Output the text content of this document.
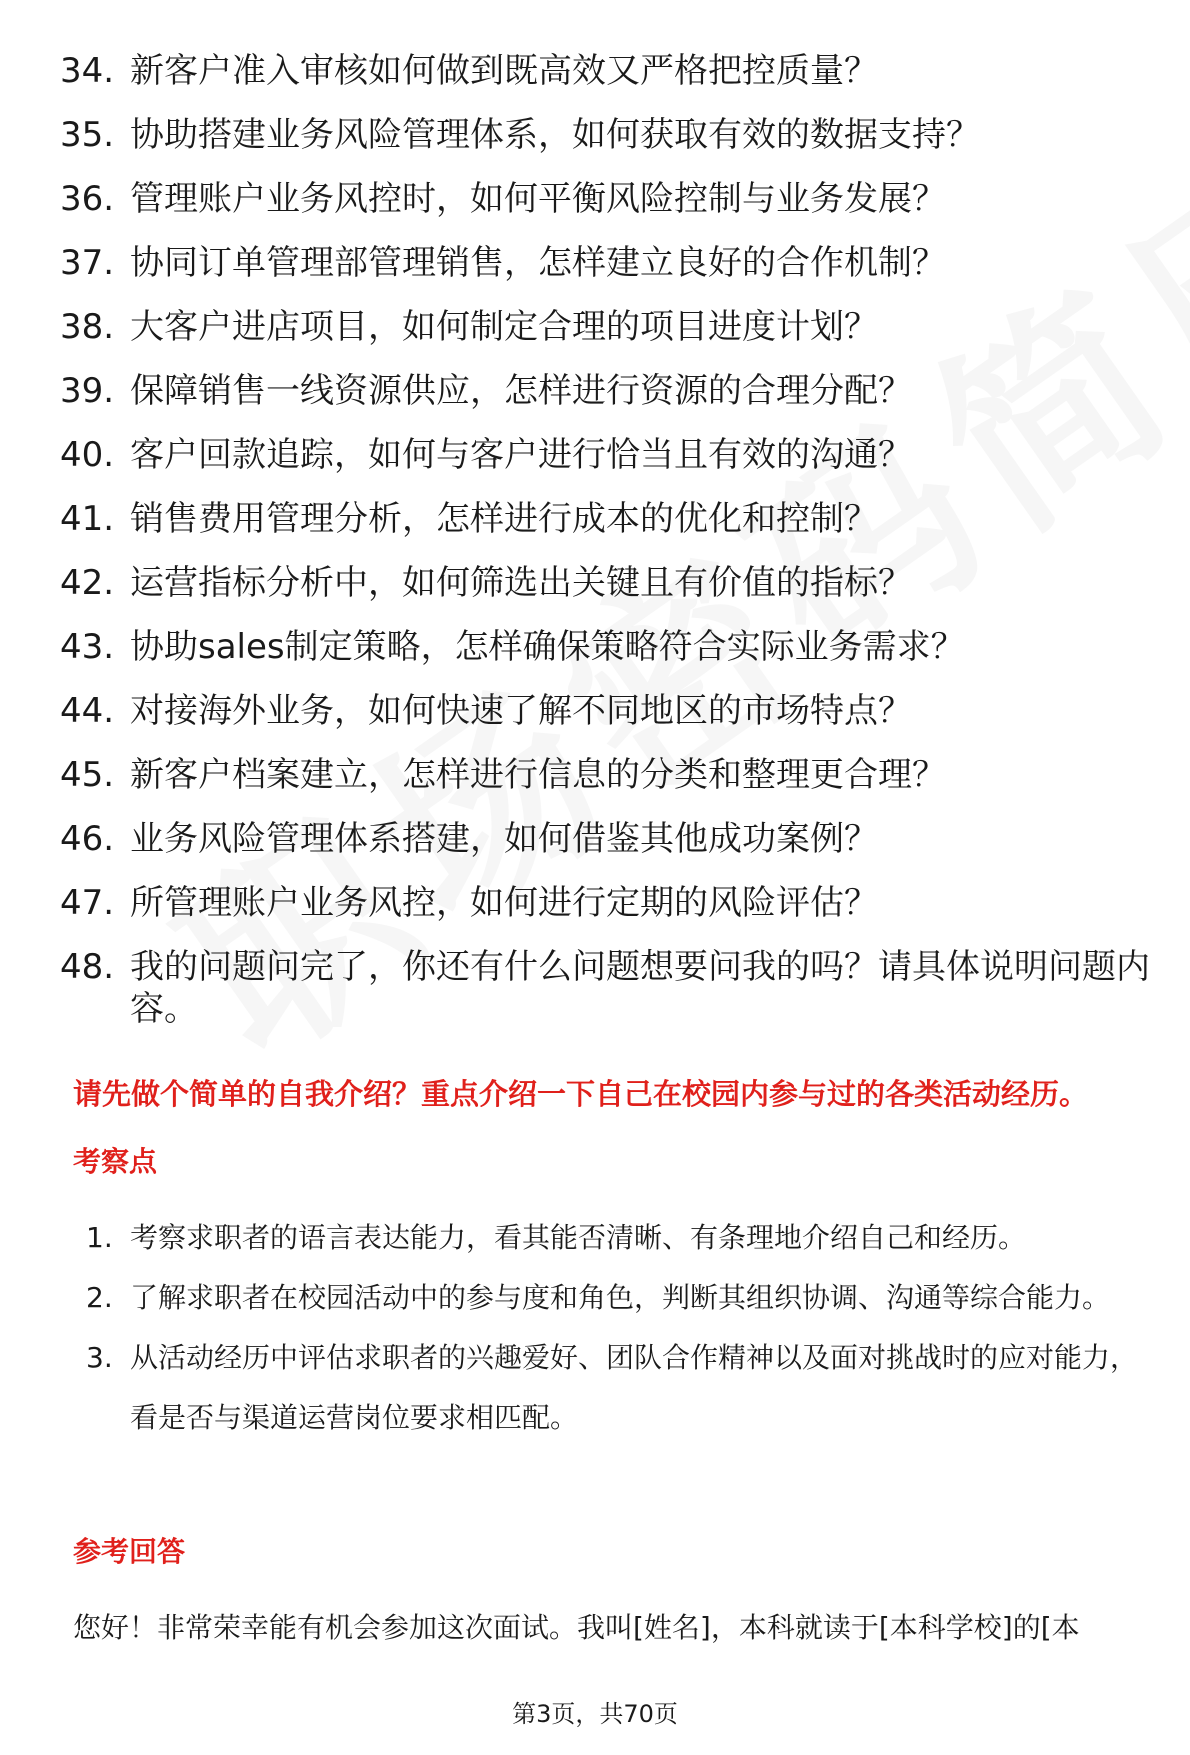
34. 新客户准入审核如何做到既高效又严格把控质量？
35. 协助搭建业务风险管理体系，如何获取有效的数据支持？
36. 管理账户业务风控时，如何平衡风险控制与业务发展？
37. 协同订单管理部管理销售，怎样建立良好的合作机制？
38. 大客户进店项目，如何制定合理的项目进度计划？
39. 保障销售一线资源供应，怎样进行资源的合理分配？
40. 客户回款追踪，如何与客户进行恰当且有效的沟通？
41. 销售费用管理分析，怎样进行成本的优化和控制？
42. 运营指标分析中，如何筛选出关键且有价值的指标？
43. 协助sales制定策略，怎样确保策略符合实际业务需求？
44. 对接海外业务，如何快速了解不同地区的市场特点？
45. 新客户档案建立，怎样进行信息的分类和整理更合理？
46. 业务风险管理体系搭建，如何借鉴其他成功案例？
47. 所管理账户业务风控，如何进行定期的风险评估？
48. 我的问题问完了，你还有什么问题想要问我的吗？请具体说明问题内容。
请先做个简单的自我介绍？重点介绍一下自己在校园内参与过的各类活动经历。
考察点
1. 考察求职者的语言表达能力，看其能否清晰、有条理地介绍自己和经历。
2. 了解求职者在校园活动中的参与度和角色，判断其组织协调、沟通等综合能力。
3. 从活动经历中评估求职者的兴趣爱好、团队合作精神以及面对挑战时的应对能力，看是否与渠道运营岗位要求相匹配。
参考回答
您好！非常荣幸能有机会参加这次面试。我叫[姓名]，本科就读于[本科学校]的[本
第3页，共70页
